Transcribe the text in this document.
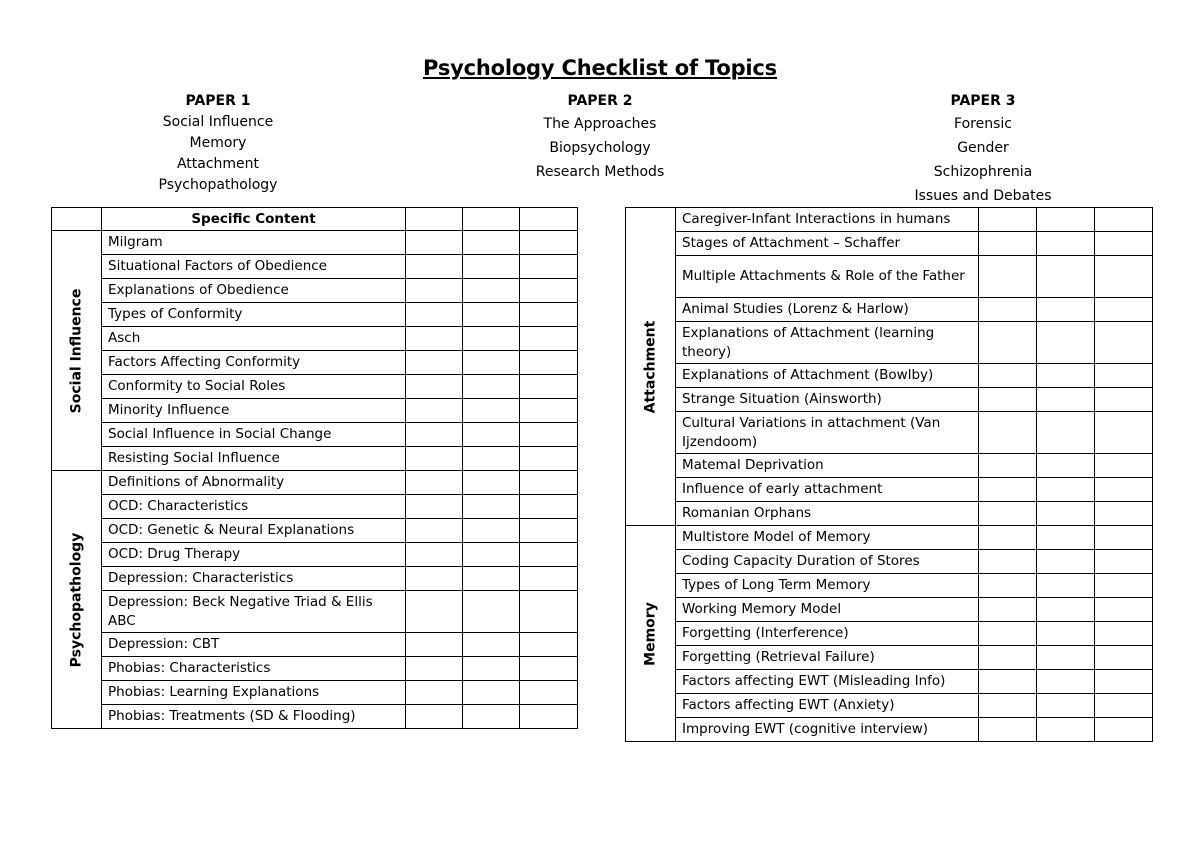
Psychology Checklist of Topics
PAPER 1
Social Influence
Memory
Attachment
Psychopathology
PAPER 2
The Approaches
Biopsychology
Research Methods
PAPER 3
Forensic
Gender
Schizophrenia
Issues and Debates
	Specific Content			

Social Influence	Milgram			
	Situational Factors of Obedience			
	Explanations of Obedience			
	Types of Conformity			
	Asch			
	Factors Affecting Conformity			
	Conformity to Social Roles			
	Minority Influence			
	Social Influence in Social Change			
	Resisting Social Influence			

Psychopathology	Definitions of Abnormality			
	OCD: Characteristics			
	OCD: Genetic & Neural Explanations			
	OCD: Drug Therapy			
	Depression: Characteristics			
	Depression: Beck Negative Triad & Ellis ABC			
	Depression: CBT			
	Phobias: Characteristics			
	Phobias: Learning Explanations			
	Phobias: Treatments (SD & Flooding)			
Attachment	Caregiver-Infant Interactions in humans			
	Stages of Attachment – Schaffer			
	Multiple Attachments & Role of the Father			
	Animal Studies (Lorenz & Harlow)			
	Explanations of Attachment (learning theory)			
	Explanations of Attachment (Bowlby)			
	Strange Situation (Ainsworth)			
	Cultural Variations in attachment (Van Ijzendoom)			
	Matemal Deprivation			
	Influence of early attachment			
	Romanian Orphans			

Memory	Multistore Model of Memory			
	Coding Capacity Duration of Stores			
	Types of Long Term Memory			
	Working Memory Model			
	Forgetting (Interference)			
	Forgetting (Retrieval Failure)			
	Factors affecting EWT (Misleading Info)			
	Factors affecting EWT (Anxiety)			
	Improving EWT (cognitive interview)			
